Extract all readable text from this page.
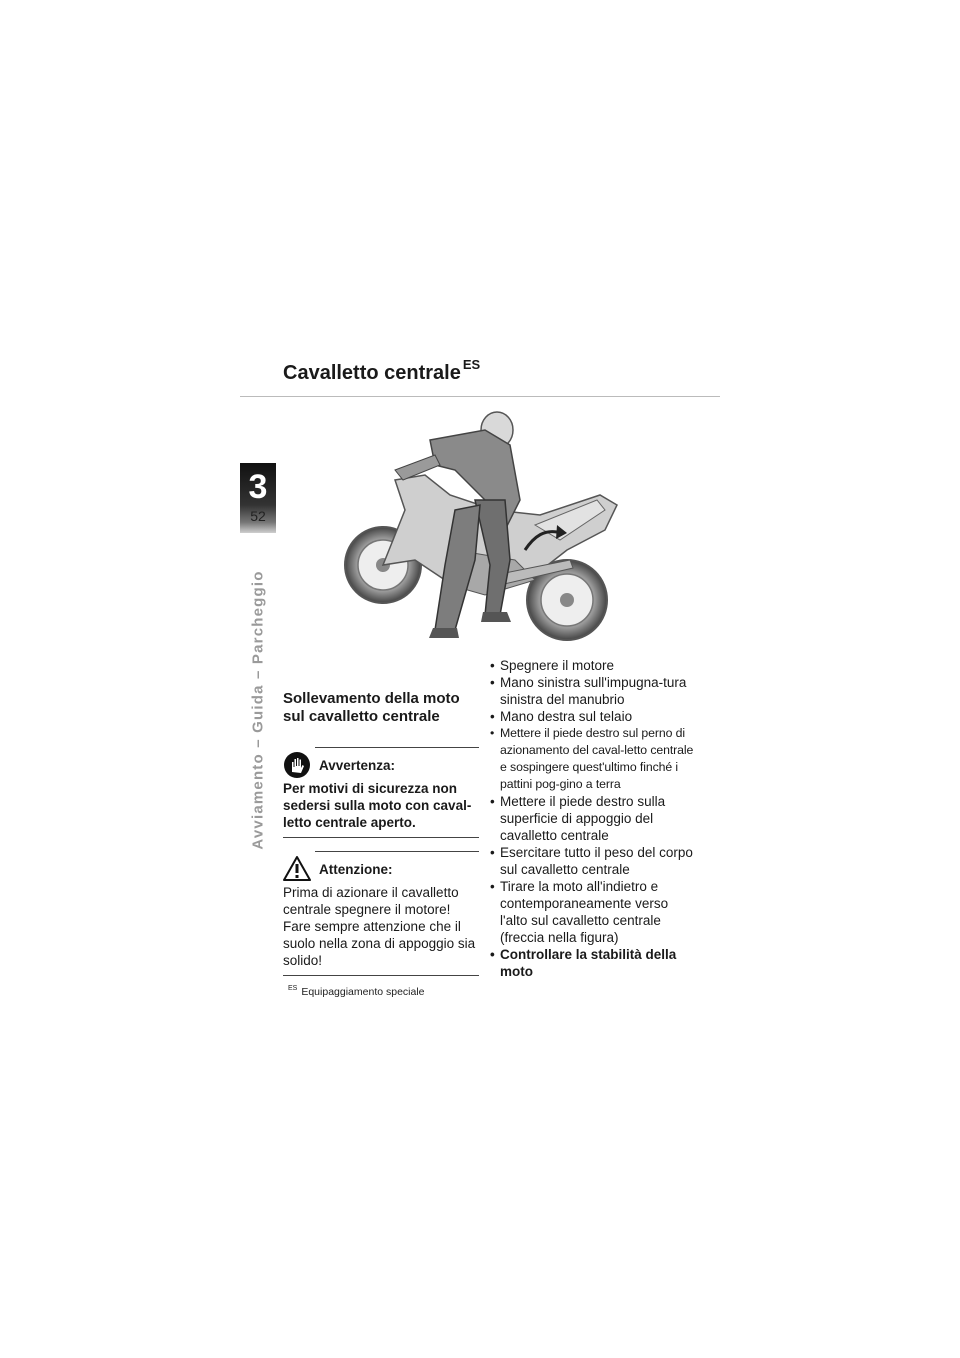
3
52
Avviamento – Guida – Parcheggio
Cavalletto centrale $^{ES}$
Sollevamento della moto sul cavalletto centrale
Avvertenza:
Per motivi di sicurezza non sedersi sulla moto con caval-letto centrale aperto.
Attenzione:
Prima di azionare il cavalletto centrale spegnere il motore! Fare sempre attenzione che il suolo nella zona di appoggio sia solido!
$^{ES}$ Equipaggiamento speciale
• Spegnere il motore
• Mano sinistra sull'impugna-tura sinistra del manubrio
• Mano destra sul telaio
• Mettere il piede destro sul perno di azionamento del caval-letto centrale e sospingere quest'ultimo finché i pattini pog-gino a terra
• Mettere il piede destro sulla superficie di appoggio del cavalletto centrale
• Esercitare tutto il peso del corpo sul cavalletto centrale
• Tirare la moto all'indietro e contemporaneamente verso l'alto sul cavalletto centrale (freccia nella figura)
• Controllare la stabilità della moto
